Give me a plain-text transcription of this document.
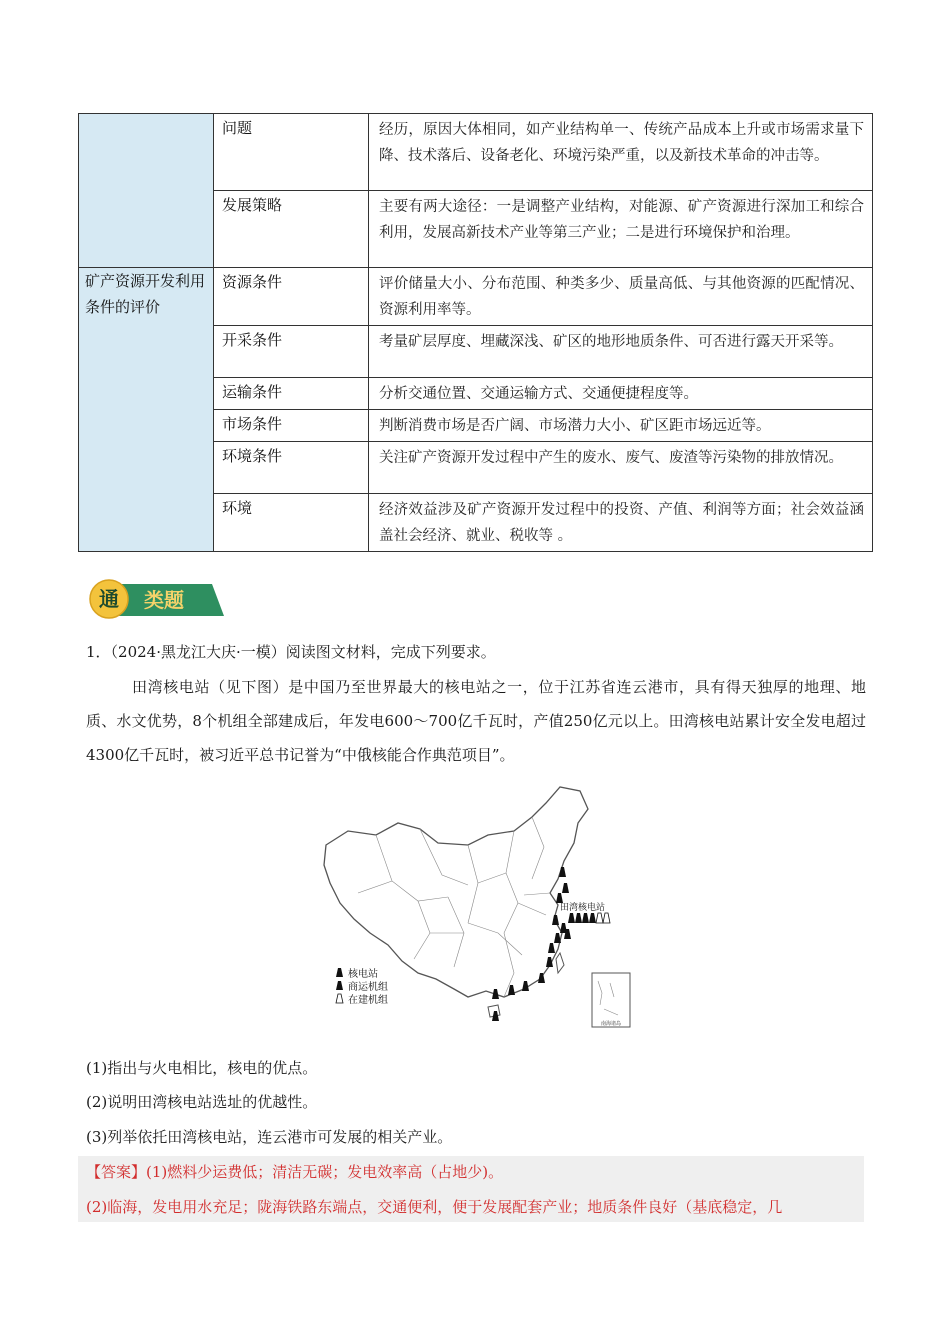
	问题	经历，原因大体相同，如产业结构单一、传统产品成本上升或市场需求量下降、技术落后、设备老化、环境污染严重，以及新技术革命的冲击等。
	发展策略	主要有两大途径：一是调整产业结构，对能源、矿产资源进行深加工和综合利用，发展高新技术产业等第三产业；二是进行环境保护和治理。
矿产资源开发利用条件的评价	资源条件	评价储量大小、分布范围、种类多少、质量高低、与其他资源的匹配情况、资源利用率等。
	开采条件	考量矿层厚度、埋藏深浅、矿区的地形地质条件、可否进行露天开采等。
	运输条件	分析交通位置、交通运输方式、交通便捷程度等。
	市场条件	判断消费市场是否广阔、市场潜力大小、矿区距市场远近等。
	环境条件	关注矿产资源开发过程中产生的废水、废气、废渣等污染物的排放情况。
	环境	经济效益涉及矿产资源开发过程中的投资、产值、利润等方面；社会效益涵盖社会经济、就业、税收等 。
通 类题
1．（2024·黑龙江大庆·一模）阅读图文材料，完成下列要求。
田湾核电站（见下图）是中国乃至世界最大的核电站之一，位于江苏省连云港市，具有得天独厚的地理、地质、水文优势，8个机组全部建成后，年发电600～700亿千瓦时，产值250亿元以上。田湾核电站累计安全发电超过4300亿千瓦时，被习近平总书记誉为“中俄核能合作典范项目”。
田湾核电站
核电站
商运机组
在建机组
南海诸岛
(1)指出与火电相比，核电的优点。
(2)说明田湾核电站选址的优越性。
(3)列举依托田湾核电站，连云港市可发展的相关产业。
【答案】(1)燃料少运费低；清洁无碳；发电效率高（占地少)。
(2)临海，发电用水充足；陇海铁路东端点，交通便利，便于发展配套产业；地质条件良好（基底稳定，几
